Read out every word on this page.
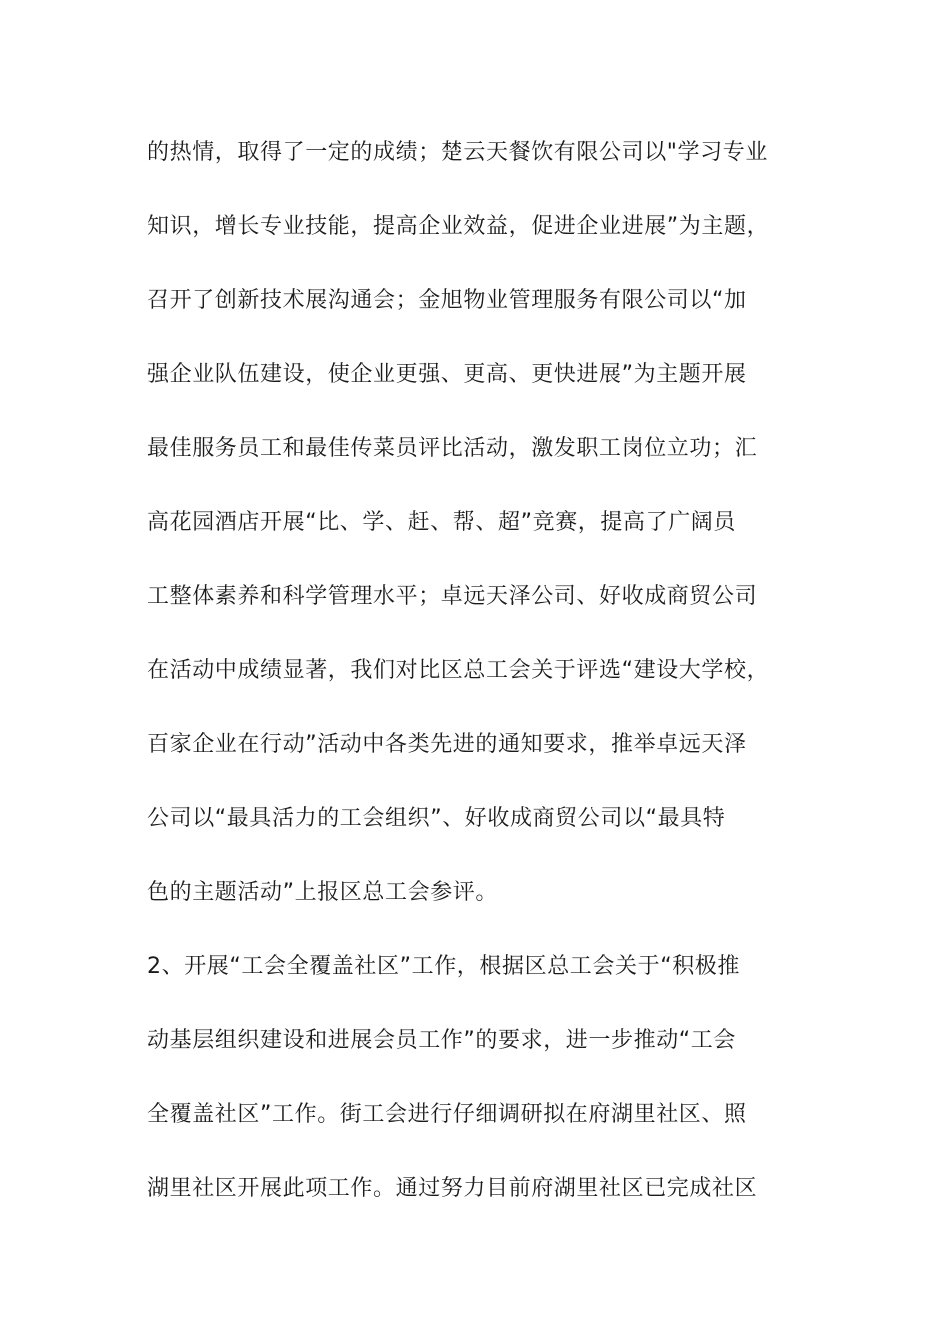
的热情，取得了一定的成绩；楚云天餐饮有限公司以"学习专业
知识，增长专业技能，提高企业效益，促进企业进展”为主题，
召开了创新技术展沟通会；金旭物业管理服务有限公司以“加
强企业队伍建设，使企业更强、更高、更快进展”为主题开展
最佳服务员工和最佳传菜员评比活动，激发职工岗位立功；汇
高花园酒店开展“比、学、赶、帮、超”竞赛，提高了广阔员
工整体素养和科学管理水平；卓远天泽公司、好收成商贸公司
在活动中成绩显著，我们对比区总工会关于评选“建设大学校，
百家企业在行动”活动中各类先进的通知要求，推举卓远天泽
公司以“最具活力的工会组织”、好收成商贸公司以“最具特
色的主题活动”上报区总工会参评。
2、开展“工会全覆盖社区”工作，根据区总工会关于“积极推
动基层组织建设和进展会员工作”的要求，进一步推动“工会
全覆盖社区”工作。街工会进行仔细调研拟在府湖里社区、照
湖里社区开展此项工作。通过努力目前府湖里社区已完成社区
